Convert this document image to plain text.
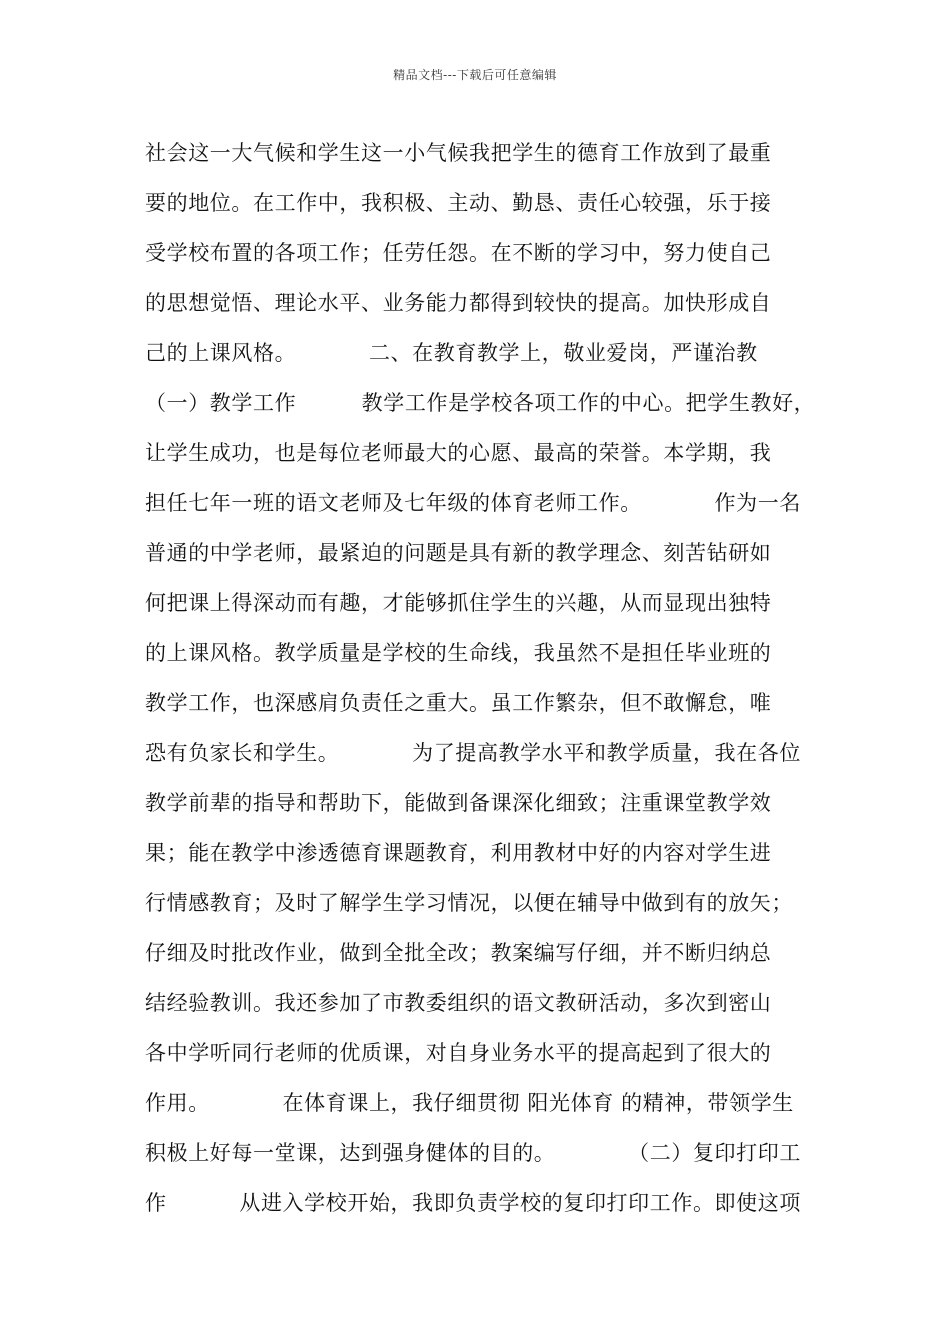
精品文档---下载后可任意编辑
社会这一大气候和学生这一小气候我把学生的德育工作放到了最重
要的地位。在工作中，我积极、主动、勤恳、责任心较强，乐于接
受学校布置的各项工作；任劳任怨。在不断的学习中，努力使自己
的思想觉悟、理论水平、业务能力都得到较快的提高。加快形成自
己的上课风格。          二、在教育教学上，敬业爱岗，严谨治教
（一）教学工作         教学工作是学校各项工作的中心。把学生教好，
让学生成功，也是每位老师最大的心愿、最高的荣誉。本学期，我
担任七年一班的语文老师及七年级的体育老师工作。          作为一名
普通的中学老师，最紧迫的问题是具有新的教学理念、刻苦钻研如
何把课上得深动而有趣，才能够抓住学生的兴趣，从而显现出独特
的上课风格。教学质量是学校的生命线，我虽然不是担任毕业班的
教学工作，也深感肩负责任之重大。虽工作繁杂，但不敢懈怠，唯
恐有负家长和学生。          为了提高教学水平和教学质量，我在各位
教学前辈的指导和帮助下，能做到备课深化细致；注重课堂教学效
果；能在教学中渗透德育课题教育，利用教材中好的内容对学生进
行情感教育；及时了解学生学习情况，以便在辅导中做到有的放矢；
仔细及时批改作业，做到全批全改；教案编写仔细，并不断归纳总
结经验教训。我还参加了市教委组织的语文教研活动，多次到密山
各中学听同行老师的优质课，对自身业务水平的提高起到了很大的
作用。          在体育课上，我仔细贯彻 阳光体育 的精神，带领学生
积极上好每一堂课，达到强身健体的目的。          （二）复印打印工
作          从进入学校开始，我即负责学校的复印打印工作。即使这项
